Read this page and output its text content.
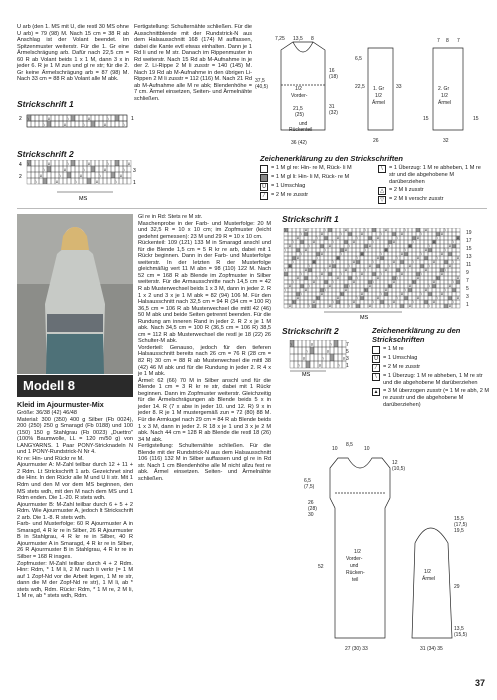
U arb (den 1. MS mit U, die restl 30 MS ohne U arb) = 79 (98) M. Nach 15 cm = 38 R ab Anschlag ist der Volant beendet. Im Spitzenmuster weiterstr. Für die 1. Gr eine Ärmelschrägung arb. Dafür nach 22,5 cm = 60 R ab Volant beids 1 x 1 M, dann 3 x in jeder 6. R je 1 M zun und gl re str; für die 2. Gr keine Ärmelschrägung arb = 87 (98) M. Nach 33 cm = 88 R ab Volant alle M abk.

Strickschrift 1
2 \	U	\	U	\
\	U	\	U	\
1
Strickschrift 2
\	U	\	U	\	U
\	U	\	U	\
U	\	U	\	U
\	U	\	U	\
4
2
3
1
MS

Fertigstellung: Schulternähte schließen. Für die Ausschnittblende mit der Rundstrick-N aus dem Halsausschnitt 168 (174) M auffassen, dabei die Kante evtl etwas einhalten. Dann je 1 Rd li und re M str. Danach im Rippenmuster in Rd weiterstr. Nach 15 Rd ab M-Aufnahme in je der 2. Li-Rippe 2 M li zusstr = 140 (145) M. Nach 19 Rd ab M-Aufnahme in den übrigen Li-Rippen 2 M li zusstr = 112 (116) M. Nach 21 Rd ab M-Aufnahme alle M re abk; Blendenhöhe = 7 cm. Ärmel einsetzen, Seiten- und Ärmelnähte schließen.

7,25 13,5 8
37,5
(40,5)	1/2
Vorder-
21,5
(25)
und
Rückenteil
36 (42)
16
(18)
31
(32)
6,5
22,5	33
1. Gr
1/2
Ärmel
26
7 8 7
2. Gr
1/2
Ärmel
32
15	15
Zeichenerklärung zu den Strickschriften
= 1 M gl re: Hin- re M, Rück- li M
= 1 M gl li: Hin- li M, Rück- re M
U = 1 Umschlag
⁄	= 2 M re zusstr
\	= 1 Überzug: 1 M re abheben, 1 M re str und die abgehobene M darüberziehen
△ = 2 M li zusstr
▽ = 2 M li verschr zusstr
Modell 8
Kleid im Ajourmuster-Mix

Größe: 36/38 (42) 46/48

Material: 300 (350) 400 g Silber (Fb 0024), 200 (250) 250 g Smaragd (Fb 0188) und 100 (150) 150 g Stahlgrau (Fb 0023) „Duettro" (100% Baumwolle, LL = 120 m/50 g) von LANGYARNS. 1 Paar PONY-Stricknadeln N und 1 PONY-Rundstrick-N Nr 4.

Kr re: Hin- und Rückr re M.

Ajourmuster A: M-Zahl teilbar durch 12 + 11 + 2 Rdm. Lt Strickschrift 1 arb. Gezeichnet sind die Hinr. In den Rückr alle M und U li str. Mit 1 Rdm und den M vor dem MS beginnen, den MS stets wdh, mit den M nach dem MS und 1 Rdm enden. Die 1.-20. R stets wdh.

Ajourmuster B: M-Zahl teilbar durch 6 + 5 + 2 Rdm. Wie Ajourmuster A, jedoch lt Strickschrift 2 arb. Die 1.-8. R stets wdh.

Farb- und Musterfolge: 60 R Ajourmuster A in Smaragd, 4 R kr re in Silber, 26 R Ajourmuster B in Stahlgrau, 4 R kr re in Silber, 40 R Ajourmuster A in Smaragd, 4 R kr re in Silber, 26 R Ajourmuster B in Stahlgrau, 4 R kr re in Silber = 168 R insges.

Zopfmuster: M-Zahl teilbar durch 4 + 2 Rdm. Hinr: Rdm, * 1 M li, 2 M nach li verkr (= 1 M auf 1 Zopf-Nd vor die Arbeit legen, 1 M re str, dann die M der Zopf-Nd re str), 1 M li, ab * stets wdh, Rdm. Rückr: Rdm, * 1 M re, 2 M li, 1 M re, ab * stets wdh, Rdm.

Gl re in Rd: Stets re M str.

Maschenprobe in der Farb- und Musterfolge: 20 M und 32,5 R = 10 x 10 cm; im Zopfmuster (leicht gedehnt gemessen): 23 M und 29 R = 10 x 10 cm.

Rückenteil: 109 (121) 133 M in Smaragd anschl und für die Blende 1,5 cm = 5 R kr re arb, dabei mit 1 Rückr beginnen. Dann in der Farb- und Musterfolge weiterstr. In der letzten R der Musterfolge gleichmäßig vert 11 M abn = 98 (110) 122 M. Nach 52 cm = 168 R ab Blende im Zopfmuster in Silber weiterstr. Für die Armausschnitte nach 14,5 cm = 42 R ab Musterwechsel beids 1 x 3 M, dann in jeder 2. R 1 x 2 und 3 x je 1 M abk = 82 (94) 106 M. Für den Halsausschnitt nach 32,5 cm = 94 R (34 cm = 100 R) 36,5 cm = 106 R ab Musterwechsel die mittl 42 (46) 50 M abk und beide Seiten getrennt beenden. Für die Rundung am inneren Rand in jeder 2. R 2 x je 1 M abk. Nach 34,5 cm = 100 R (36,5 cm = 106 R) 38,5 cm = 112 R ab Musterwechsel die restl je 18 (22) 26 Schulter-M abk.

Vorderteil: Genauso, jedoch für den tieferen Halsausschnitt bereits nach 26 cm = 76 R (28 cm = 82 R) 30 cm = 88 R ab Musterwechsel die mittl 38 (42) 46 M abk und für die Rundung in jeder 2. R 4 x je 1 M abk.

Ärmel: 62 (66) 70 M in Silber anschl und für die Blende 1 cm = 3 R kr re str, dabei mit 1 Rückr beginnen. Dann im Zopfmuster weiterstr. Gleichzeitig für die Ärmelschrägungen ab Blende beids 5 x in jeder 14. R (7 x abw in jeder 10. und 12. R) 9 x in jeder 8. R je 1 M mustergemäß zun = 72 (80) 88 M. Für die Armkugel nach 29 cm = 84 R ab Blende beids 1 x 3 M, dann in jeder 2. R 18 x je 1 und 3 x je 2 M abk. Nach 44 cm = 128 R ab Blende die restl 18 (26) 34 M abk.

Fertigstellung: Schulternähte schließen. Für die Blende mit der Rundstrick-N aus dem Halsausschnitt 106 (116) 132 M in Silber auffassen und gl re in Rd str. Nach 1 cm Blendenhöhe alle M nicht allzu fest re abk. Ärmel einsetzen. Seiten- und Ärmelnähte schließen.

Strickschrift 1
\	U	\	U	\	U	\	U	\
\	U	\	U	\	U	\	U
U	\	U	\	U	\	U	\	U
\	U	\	U	\	U	\	U	\
U	\	U	\	U	\	U	\	U
\	U	\	U	\	U	\	U	\
\	U	\	U	\	U	\	U
U	\	U	\	U	\	U	\	U
\	U	\	U	\	U	\	U	\
U	\	U	\	U	\	U	\	U
\	U	\	U	\	U	\	U	\
\	U	\	U	\	U	\	U
U	\	U	\	U	\	U	\	U
\	U	\	U	\	U	\	U	\
U	\	U	\	U	\	U	\	U
\	U	\	U	\	U	\	U	\
\	U	\	U	\	U	\	U
U	\	U	\	U	\	U	\	U
\	U	\	U	\	U	\	U	\
U	\	U	\	U	\	U	\	U
19
17
15
13
11
9
7
5
3
1
MS
Strickschrift 2
\	U	\
\	U
U	\	U
\	U	\
7
5
3
1
MS
Zeichenerklärung zu den Strickschriften
= 1 M re
U = 1 Umschlag
⁄	= 2 M re zusstr
\	= 1 Überzug: 1 M re abheben, 1 M re str und die abgehobene M darüberziehen
▲ = 3 M überzogen zusstr (= 1 M re abh, 2 M re zusstr und die abgehobene M darüberziehen)
10
8,5
10
12
(10,5)
6,5
(7,5)
26
(28)
30
1/2
Vorder-
und
Rücken-
teil
52
27 (30) 33
15,5
(17,5)
19,5
1/2
Ärmel
29
13,5
(15,5)
31 (34) 35
37
